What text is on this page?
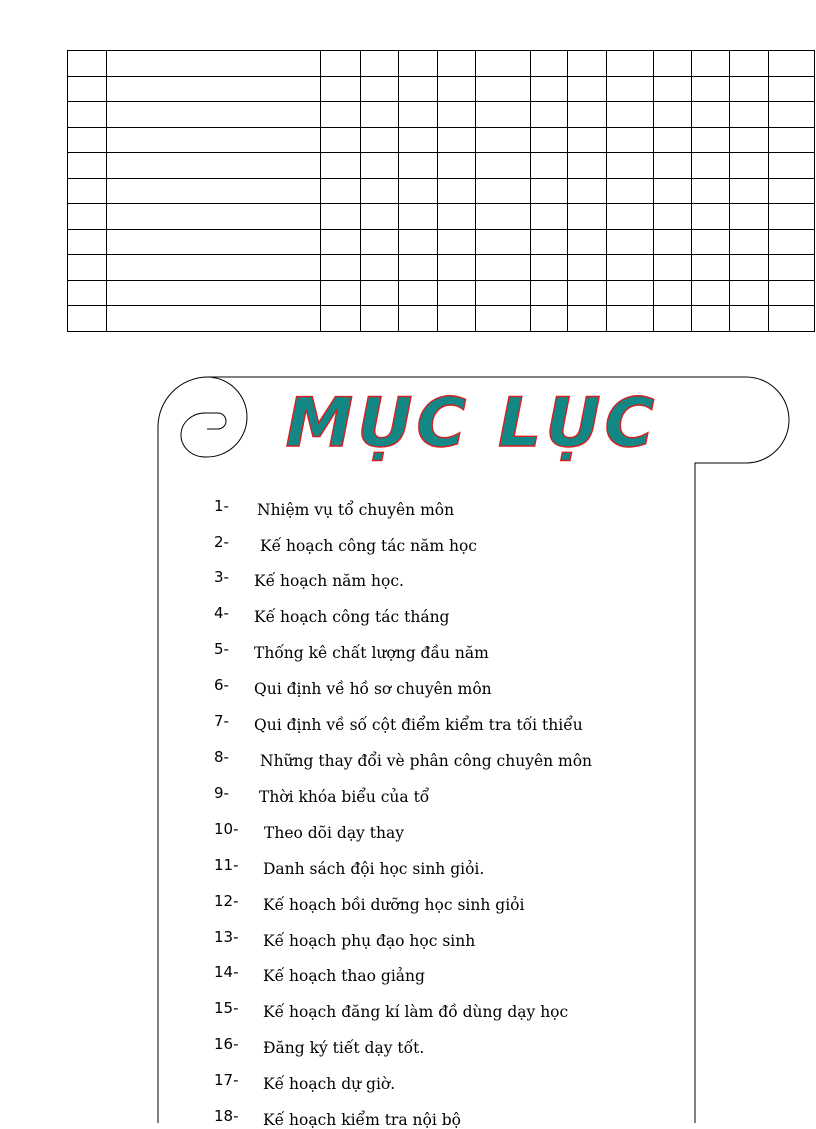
MỤC LỤC
1- Nhiệm vụ tổ chuyên môn
2- Kế hoạch công tác năm học
3- Kế hoạch năm học.
4- Kế hoạch công tác tháng
5- Thống kê chất lượng đầu năm
6- Qui định về hồ sơ chuyên môn
7- Qui định về số cột điểm kiểm tra tối thiểu
8- Những thay đổi vè phân công chuyên môn
9- Thời khóa biểu của tổ
10- Theo dõi dạy thay
11- Danh sách đội học sinh giỏi.
12- Kế hoạch bồi dưỡng học sinh giỏi
13- Kế hoạch phụ đạo học sinh
14- Kế hoạch thao giảng
15- Kế hoạch đăng kí làm đồ dùng dạy học
16- Đăng ký tiết dạy tốt.
17- Kế hoạch dự giờ.
18- Kế hoạch kiểm tra nội bộ
